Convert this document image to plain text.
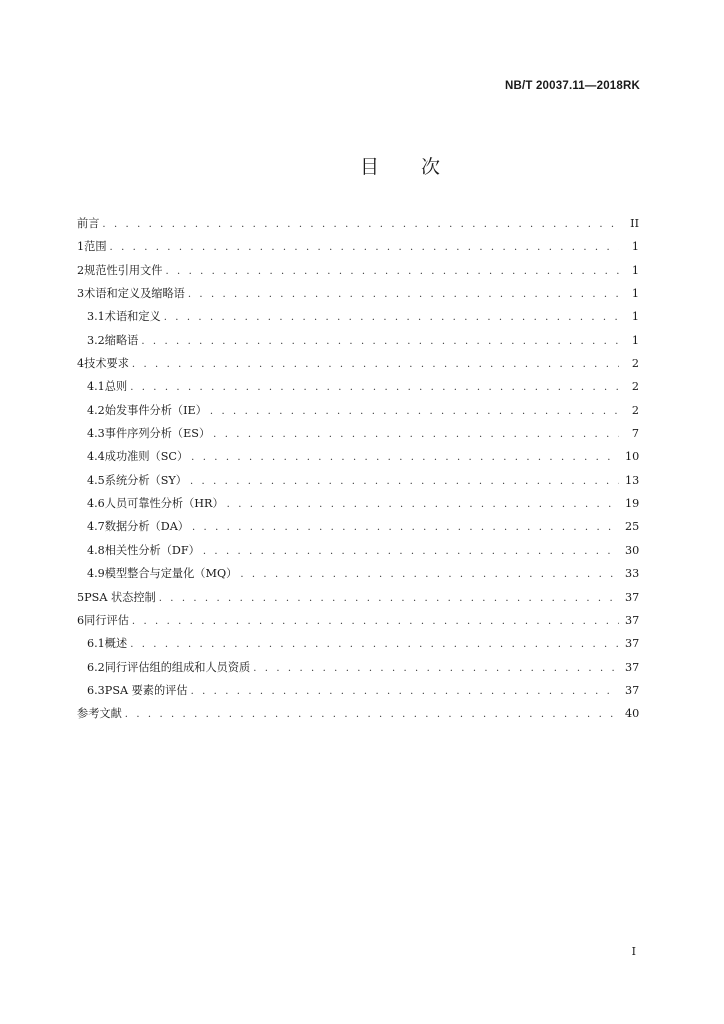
NB/T 20037.11—2018RK
目 次
前言 . . .	II
1 范围 . . .	1
2 规范性引用文件 . . .	1
3 术语和定义及缩略语 . . .	1
3.1 术语和定义 . . .	1
3.2 缩略语 . . .	1
4 技术要求 . . .	2
4.1 总则 . . .	2
4.2 始发事件分析（IE） . . .	2
4.3 事件序列分析（ES） . . .	7
4.4 成功准则（SC） . . .	10
4.5 系统分析（SY） . . .	13
4.6 人员可靠性分析（HR） . . .	19
4.7 数据分析（DA） . . .	25
4.8 相关性分析（DF） . . .	30
4.9 模型整合与定量化（MQ） . . .	33
5 PSA 状态控制 . . .	37
6 同行评估 . . .	37
6.1 概述 . . .	37
6.2 同行评估组的组成和人员资质 . . .	37
6.3 PSA 要素的评估 . . .	37
参考文献 . . .	40
I
